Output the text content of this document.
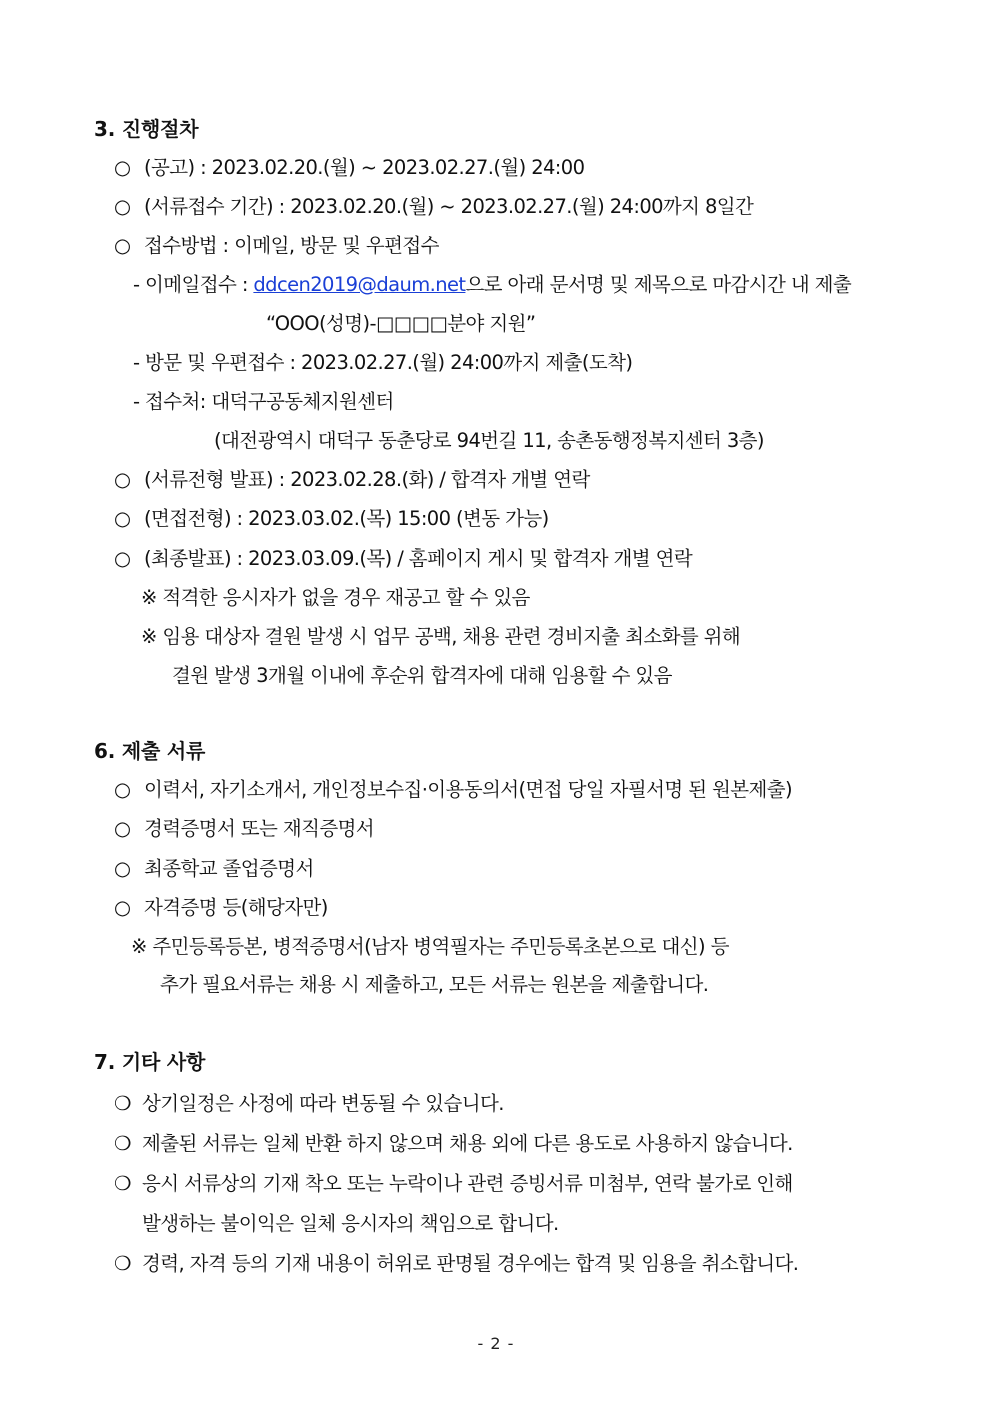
3. 진행절차
○ (공고) : 2023.02.20.(월) ~ 2023.02.27.(월) 24:00
○ (서류접수 기간) : 2023.02.20.(월) ~ 2023.02.27.(월) 24:00까지 8일간
○ 접수방법 : 이메일, 방문 및 우편접수
- 이메일접수 : ddcen2019@daum.net으로 아래 문서명 및 제목으로 마감시간 내 제출
“OOO(성명)-□□□□분야 지원”
- 방문 및 우편접수 : 2023.02.27.(월) 24:00까지 제출(도착)
- 접수처: 대덕구공동체지원센터
(대전광역시 대덕구 동춘당로 94번길 11, 송촌동행정복지센터 3층)
○ (서류전형 발표) : 2023.02.28.(화) / 합격자 개별 연락
○ (면접전형) : 2023.03.02.(목) 15:00 (변동 가능)
○ (최종발표) : 2023.03.09.(목) / 홈페이지 게시 및 합격자 개별 연락
※ 적격한 응시자가 없을 경우 재공고 할 수 있음
※ 임용 대상자 결원 발생 시 업무 공백, 채용 관련 경비지출 최소화를 위해
결원 발생 3개월 이내에 후순위 합격자에 대해 임용할 수 있음
6. 제출 서류
○ 이력서, 자기소개서, 개인정보수집·이용동의서(면접 당일 자필서명 된 원본제출)
○ 경력증명서 또는 재직증명서
○ 최종학교 졸업증명서
○ 자격증명 등(해당자만)
※ 주민등록등본, 병적증명서(남자 병역필자는 주민등록초본으로 대신) 등
추가 필요서류는 채용 시 제출하고, 모든 서류는 원본을 제출합니다.
7. 기타 사항
❍ 상기일정은 사정에 따라 변동될 수 있습니다.
❍ 제출된 서류는 일체 반환 하지 않으며 채용 외에 다른 용도로 사용하지 않습니다.
❍ 응시 서류상의 기재 착오 또는 누락이나 관련 증빙서류 미첨부, 연락 불가로 인해
발생하는 불이익은 일체 응시자의 책임으로 합니다.
❍ 경력, 자격 등의 기재 내용이 허위로 판명될 경우에는 합격 및 임용을 취소합니다.
- 2 -
